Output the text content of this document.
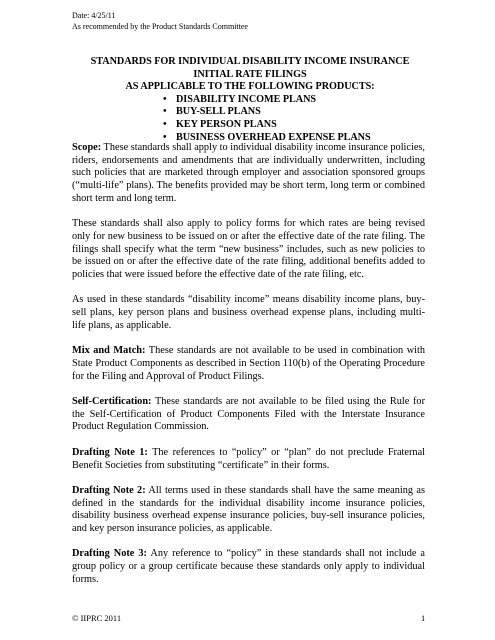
Date: 4/25/11
As recommended by the Product Standards Committee
STANDARDS FOR INDIVIDUAL DISABILITY INCOME INSURANCE
INITIAL RATE FILINGS
AS APPLICABLE TO THE FOLLOWING PRODUCTS:
• DISABILITY INCOME PLANS
• BUY-SELL PLANS
• KEY PERSON PLANS
• BUSINESS OVERHEAD EXPENSE PLANS

Scope: These standards shall apply to individual disability income insurance policies, riders, endorsements and amendments that are individually underwritten, including such policies that are marketed through employer and association sponsored groups (“multi-life” plans). The benefits provided may be short term, long term or combined short term and long term.

These standards shall also apply to policy forms for which rates are being revised only for new business to be issued on or after the effective date of the rate filing. The filings shall specify what the term “new business” includes, such as new policies to be issued on or after the effective date of the rate filing, additional benefits added to policies that were issued before the effective date of the rate filing, etc.

As used in these standards “disability income” means disability income plans, buy-sell plans, key person plans and business overhead expense plans, including multi-life plans, as applicable.

Mix and Match: These standards are not available to be used in combination with State Product Components as described in Section 110(b) of the Operating Procedure for the Filing and Approval of Product Filings.

Self-Certification: These standards are not available to be filed using the Rule for the Self-Certification of Product Components Filed with the Interstate Insurance Product Regulation Commission.

Drafting Note 1: The references to “policy” or “plan” do not preclude Fraternal Benefit Societies from substituting “certificate” in their forms.

Drafting Note 2: All terms used in these standards shall have the same meaning as defined in the standards for the individual disability income insurance policies, disability business overhead expense insurance policies, buy-sell insurance policies, and key person insurance policies, as applicable.

Drafting Note 3: Any reference to “policy” in these standards shall not include a group policy or a group certificate because these standards only apply to individual forms.

© IIPRC 2011	1
